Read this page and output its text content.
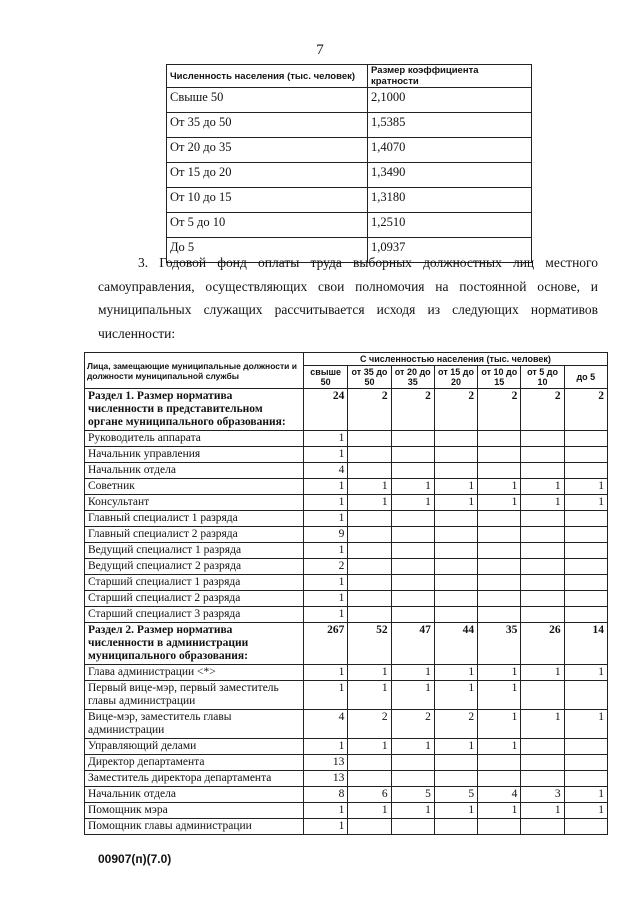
7
Численность населения (тыс. человек)	Размер коэффициента кратности
Свыше 50	2,1000
От 35 до 50	1,5385
От 20 до 35	1,4070
От 15 до 20	1,3490
От 10 до 15	1,3180
От 5 до 10	1,2510
До 5	1,0937
3. Годовой фонд оплаты труда выборных должностных лиц местного самоуправления, осуществляющих свои полномочия на постоянной основе, и муниципальных служащих рассчитывается исходя из следующих нормативов численности:
Лица, замещающие муниципальные должности и должности муниципальной службы	С численностью населения (тыс. человек)						
	свыше 50	от 35 до 50	от 20 до 35	от 15 до 20	от 10 до 15	от 5 до 10	до 5
Раздел 1. Размер норматива численности в представительном органе муниципального образования:	24	2	2	2	2	2	2
Руководитель аппарата	1						
Начальник управления	1						
Начальник отдела	4						
Советник	1	1	1	1	1	1	1
Консультант	1	1	1	1	1	1	1
Главный специалист 1 разряда	1						
Главный специалист 2 разряда	9						
Ведущий специалист 1 разряда	1						
Ведущий специалист 2 разряда	2						
Старший специалист 1 разряда	1						
Старший специалист 2 разряда	1						
Старший специалист 3 разряда	1						
Раздел 2. Размер норматива численности в администрации муниципального образования:	267	52	47	44	35	26	14
Глава администрации <*>	1	1	1	1	1	1	1
Первый вице-мэр, первый заместитель главы администрации	1	1	1	1	1		
Вице-мэр, заместитель главы администрации	4	2	2	2	1	1	1
Управляющий делами	1	1	1	1	1		
Директор департамента	13						
Заместитель директора департамента	13						
Начальник отдела	8	6	5	5	4	3	1
Помощник мэра	1	1	1	1	1	1	1
Помощник главы администрации	1						
00907(п)(7.0)
